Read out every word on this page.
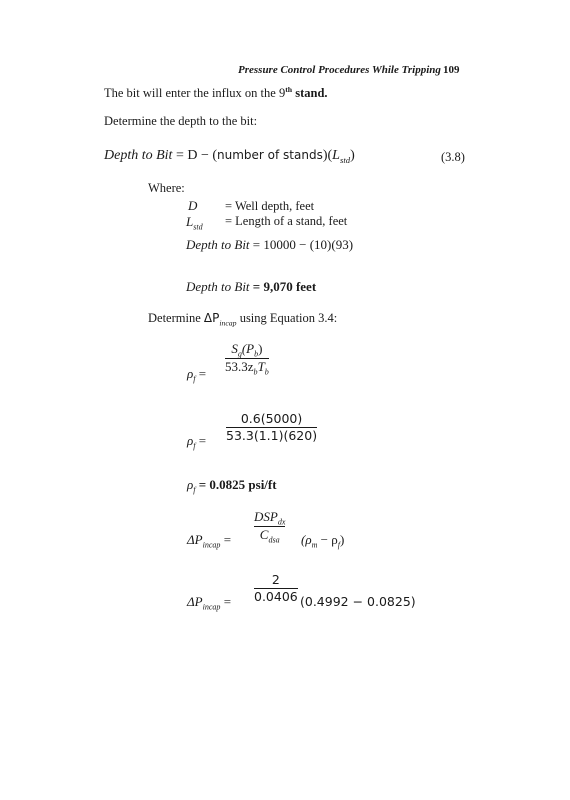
Pressure Control Procedures While Tripping 109
The bit will enter the influx on the 9th stand.
Determine the depth to the bit:
Depth to Bit = D − (number of $stands)(L_{std})$	(3.8)
Where:
D = Well depth, feet
$L_{std}$ = Length of a stand, feet
Depth to Bit = 10000 − (10)(93)
Depth to Bit = 9,070 feet
Determine $\Delta P_{incap}$ using Equation 3.4:
$\rho_f$ =
$S_g(P_b)$
$53.3z_bT_b$
$\rho_f$ =
0.6(5000)
53.3(1.1)(620)
$\rho_f = 0.0825$ psi/ft
$\Delta P_{incap}$ =
$DSP_{dx}$
$C_{dsa}$ $(\rho_m - \rho_f)$
$\Delta P_{incap}$ =
2
0.0406 (0.4992 − 0.0825)
